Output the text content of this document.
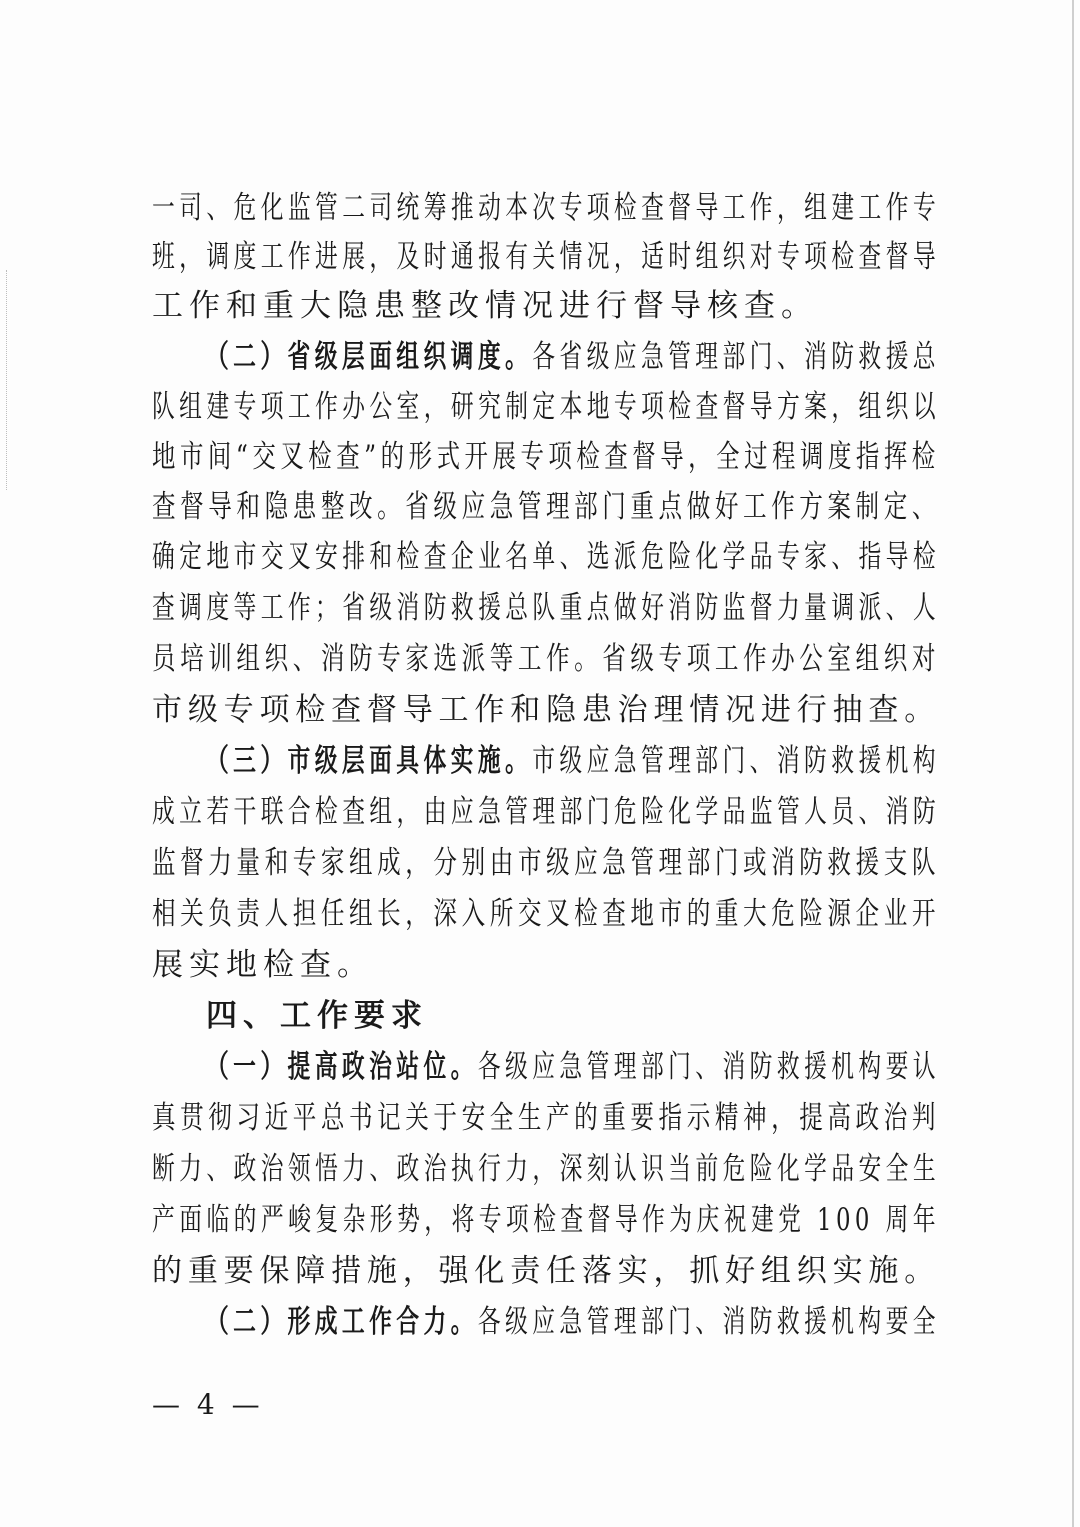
一司、危化监管二司统筹推动本次专项检查督导工作，组建工作专
班，调度工作进展，及时通报有关情况，适时组织对专项检查督导
工作和重大隐患整改情况进行督导核查。
（二）省级层面组织调度。各省级应急管理部门、消防救援总
队组建专项工作办公室，研究制定本地专项检查督导方案，组织以
地市间“交叉检查”的形式开展专项检查督导，全过程调度指挥检
查督导和隐患整改。省级应急管理部门重点做好工作方案制定、
确定地市交叉安排和检查企业名单、选派危险化学品专家、指导检
查调度等工作；省级消防救援总队重点做好消防监督力量调派、人
员培训组织、消防专家选派等工作。省级专项工作办公室组织对
市级专项检查督导工作和隐患治理情况进行抽查。
（三）市级层面具体实施。市级应急管理部门、消防救援机构
成立若干联合检查组，由应急管理部门危险化学品监管人员、消防
监督力量和专家组成，分别由市级应急管理部门或消防救援支队
相关负责人担任组长，深入所交叉检查地市的重大危险源企业开
展实地检查。
四、工作要求
（一）提高政治站位。各级应急管理部门、消防救援机构要认
真贯彻习近平总书记关于安全生产的重要指示精神，提高政治判
断力、政治领悟力、政治执行力，深刻认识当前危险化学品安全生
产面临的严峻复杂形势，将专项检查督导作为庆祝建党 100 周年
的重要保障措施，强化责任落实，抓好组织实施。
（二）形成工作合力。各级应急管理部门、消防救援机构要全
— 4 —
